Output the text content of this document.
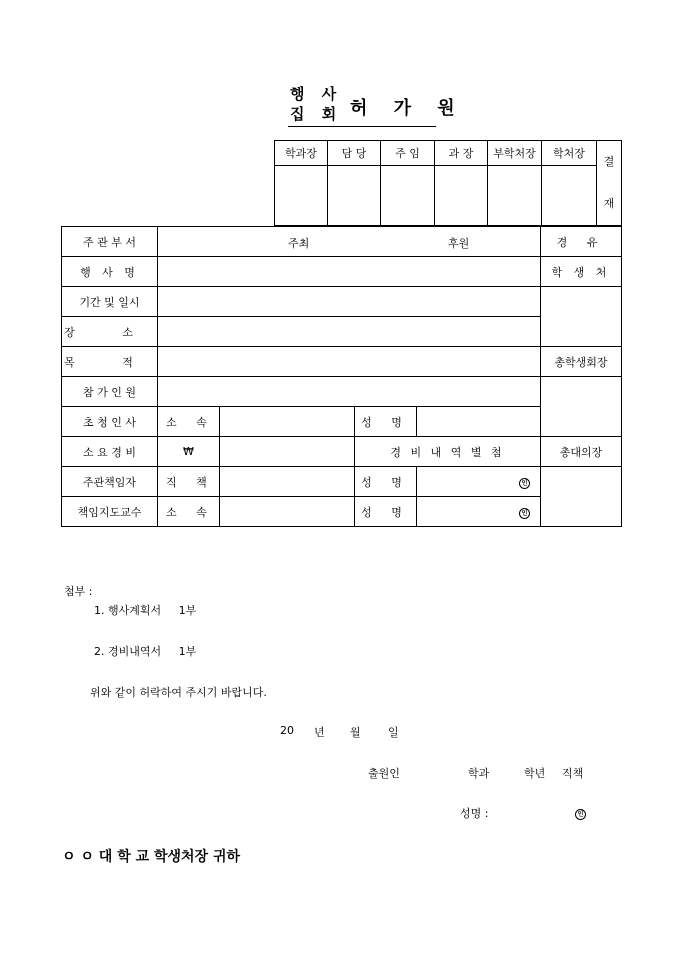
행 사
집 회 허 가 원
학과장	담 당	주 임	과 장	부학처장	학처장	결
재

주 관 부 서	주최 후원				경 유
행 사 명					학 생 처
기간 및 일시					
장 소					
목 적					총학생회장
참 가 인 원					
초 청 인 사	소 속		성 명		
소 요 경 비	₩		경 비 내 역 별 첨		총대의장
주관책임자	직 책		성 명	인	
책임지도교수	소 속		성 명	인	
첨부 :
1. 행사계획서     1부
2. 경비내역서     1부
위와 같이 허락하여 주시기 바랍니다.
20 년 월 일
출원인	학과	학년 직책
성명 :	인
ㅇ ㅇ 대 학 교 학생처장 귀하
